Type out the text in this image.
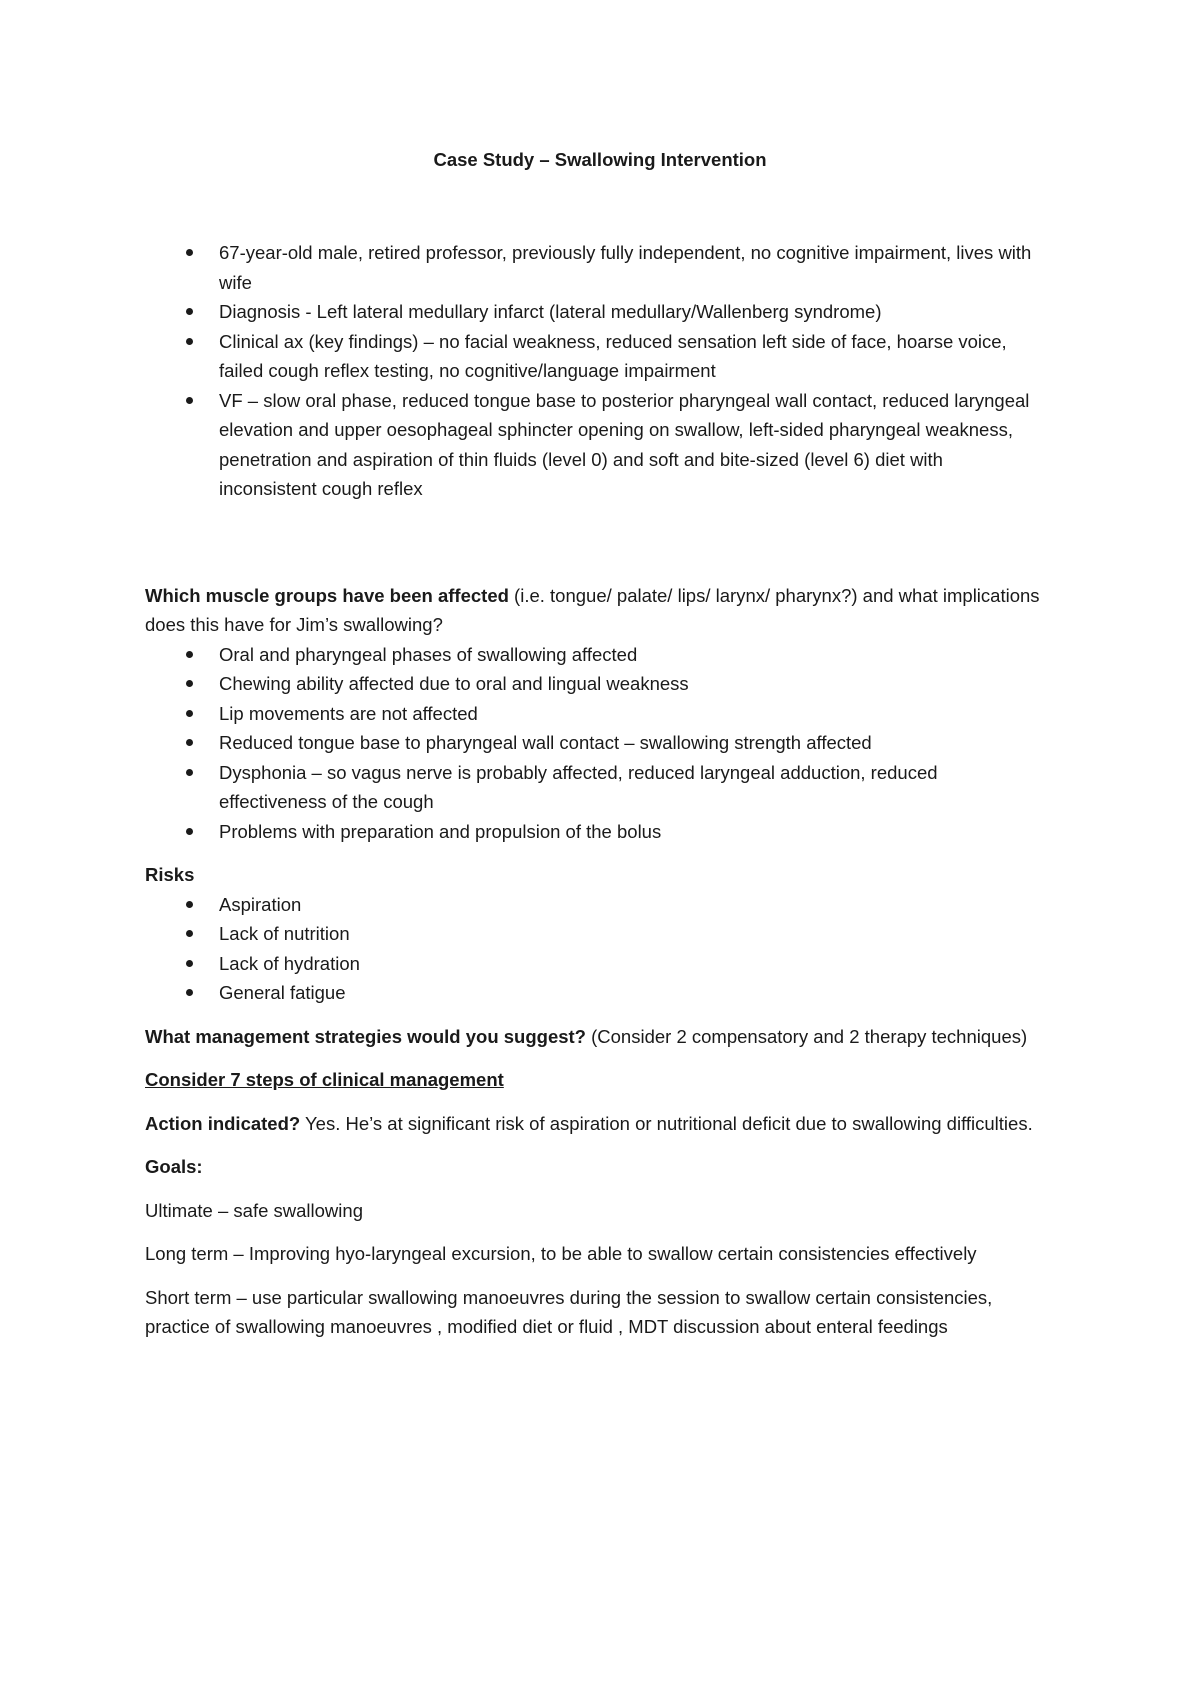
Case Study – Swallowing Intervention
67-year-old male, retired professor, previously fully independent, no cognitive impairment, lives with wife
Diagnosis - Left lateral medullary infarct (lateral medullary/Wallenberg syndrome)
Clinical ax (key findings) – no facial weakness, reduced sensation left side of face, hoarse voice, failed cough reflex testing, no cognitive/language impairment
VF – slow oral phase, reduced tongue base to posterior pharyngeal wall contact, reduced laryngeal elevation and upper oesophageal sphincter opening on swallow, left-sided pharyngeal weakness, penetration and aspiration of thin fluids (level 0) and soft and bite-sized (level 6) diet with inconsistent cough reflex

Which muscle groups have been affected (i.e. tongue/ palate/ lips/ larynx/ pharynx?) and what implications does this have for Jim’s swallowing?

Oral and pharyngeal phases of swallowing affected
Chewing ability affected due to oral and lingual weakness
Lip movements are not affected
Reduced tongue base to pharyngeal wall contact – swallowing strength affected
Dysphonia – so vagus nerve is probably affected, reduced laryngeal adduction, reduced effectiveness of the cough
Problems with preparation and propulsion of the bolus

Risks

Aspiration
Lack of nutrition
Lack of hydration
General fatigue

What management strategies would you suggest? (Consider 2 compensatory and 2 therapy techniques)

Consider 7 steps of clinical management

Action indicated? Yes. He’s at significant risk of aspiration or nutritional deficit due to swallowing difficulties.

Goals:

Ultimate – safe swallowing

Long term – Improving hyo-laryngeal excursion, to be able to swallow certain consistencies effectively

Short term – use particular swallowing manoeuvres during the session to swallow certain consistencies, practice of swallowing manoeuvres , modified diet or fluid , MDT discussion about enteral feedings
